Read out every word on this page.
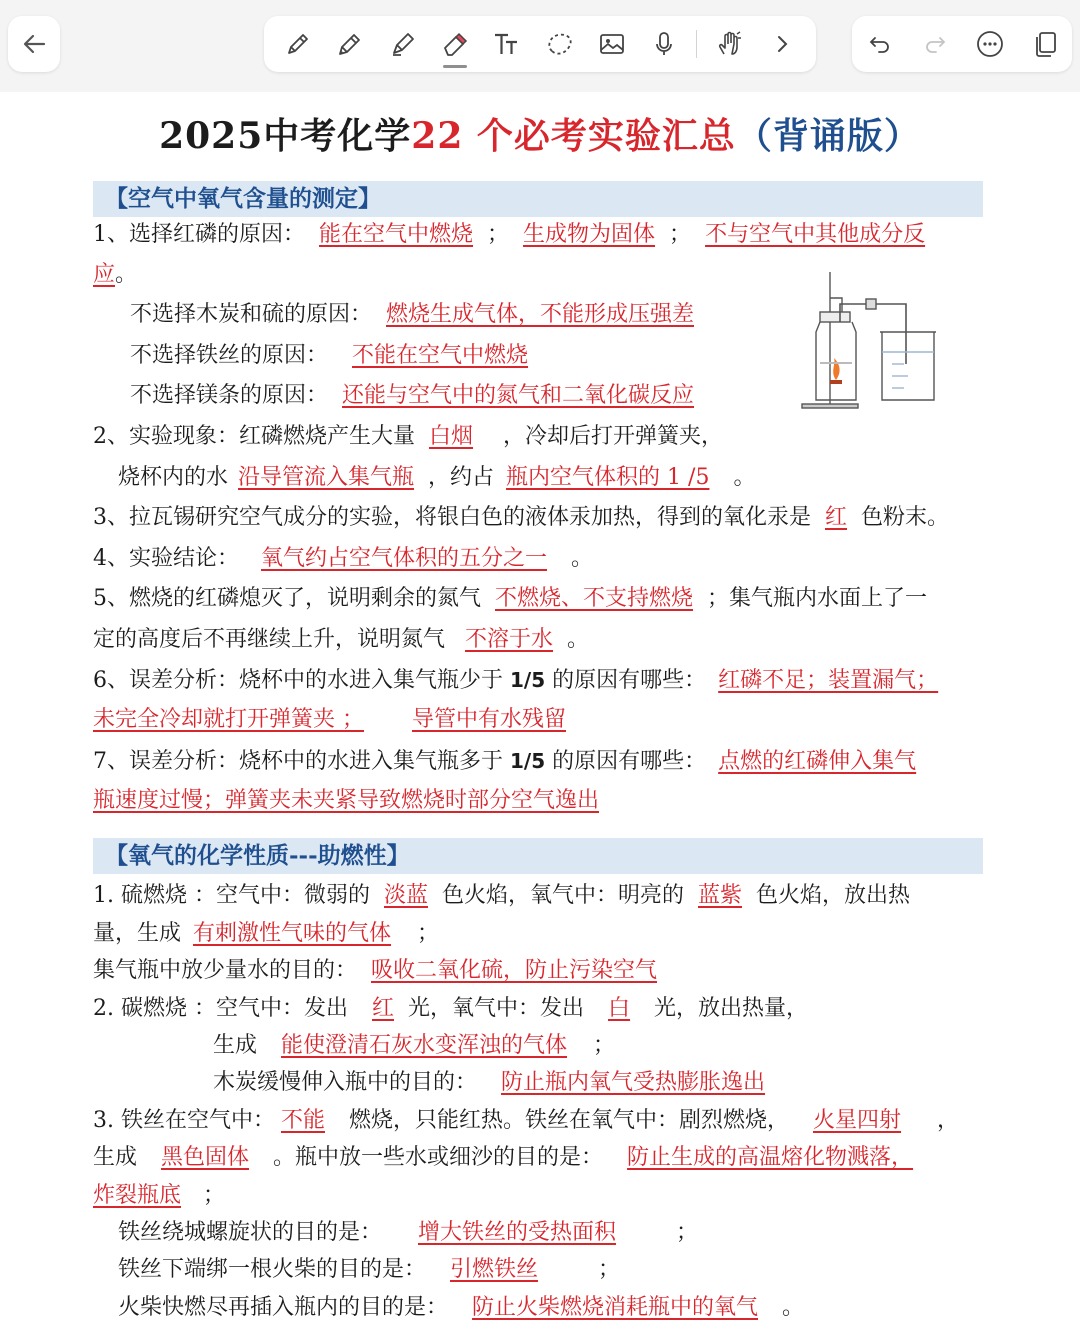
2025中考化学22 个必考实验汇总（背诵版）
【空气中氧气含量的测定】
1、选择红磷的原因： 能在空气中燃烧 ； 生成物为固体 ； 不与空气中其他成分反
应。
不选择木炭和硫的原因： 燃烧生成气体，不能形成压强差
不选择铁丝的原因： 不能在空气中燃烧
不选择镁条的原因： 还能与空气中的氮气和二氧化碳反应
2、实验现象：红磷燃烧产生大量 白烟 ，冷却后打开弹簧夹，
烧杯内的水 沿导管流入集气瓶 ，约占 瓶内空气体积的 1 /5 。
3、拉瓦锡研究空气成分的实验，将银白色的液体汞加热，得到的氧化汞是 红 色粉末。
4、实验结论： 氧气约占空气体积的五分之一 。
5、燃烧的红磷熄灭了，说明剩余的氮气 不燃烧、不支持燃烧 ；集气瓶内水面上了一
定的高度后不再继续上升，说明氮气 不溶于水 。
6、误差分析：烧杯中的水进入集气瓶少于 1/5 的原因有哪些： 红磷不足；装置漏气；
未完全冷却就打开弹簧夹 ； 导管中有水残留
7、误差分析：烧杯中的水进入集气瓶多于 1/5 的原因有哪些： 点燃的红磷伸入集气
瓶速度过慢；弹簧夹未夹紧导致燃烧时部分空气逸出
【氧气的化学性质---助燃性】
1. 硫燃烧 ：空气中：微弱的 淡蓝 色火焰，氧气中：明亮的 蓝紫 色火焰，放出热
量，生成 有刺激性气味的气体 ；
集气瓶中放少量水的目的： 吸收二氧化硫，防止污染空气
2. 碳燃烧 ：空气中：发出 红 光，氧气中：发出 白 光，放出热量，
生成 能使澄清石灰水变浑浊的气体 ；
木炭缓慢伸入瓶中的目的： 防止瓶内氧气受热膨胀逸出
3. 铁丝在空气中： 不能 燃烧，只能红热。铁丝在氧气中：剧烈燃烧， 火星四射 ，
生成 黑色固体 。瓶中放一些水或细沙的目的是： 防止生成的高温熔化物溅落，
炸裂瓶底 ；
铁丝绕城螺旋状的目的是： 增大铁丝的受热面积	；
铁丝下端绑一根火柴的目的是： 引燃铁丝	；
火柴快燃尽再插入瓶内的目的是： 防止火柴燃烧消耗瓶中的氧气 。
